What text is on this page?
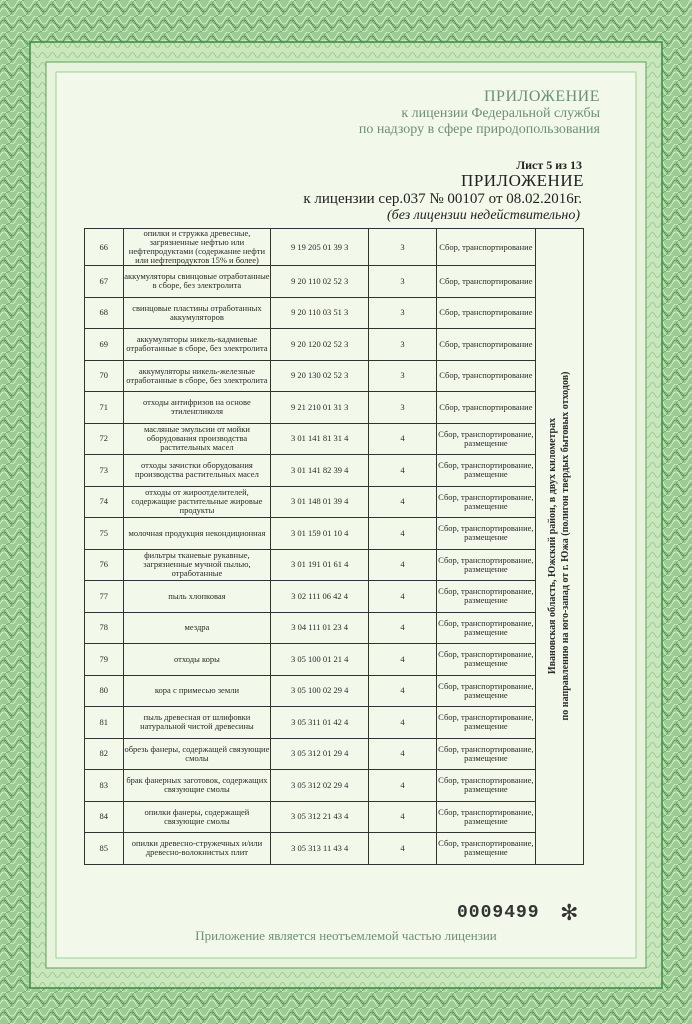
ПРИЛОЖЕНИЕ
к лицензии Федеральной службы
по надзору в сфере природопользования
Лист 5 из 13
ПРИЛОЖЕНИЕ
к лицензии сер.037 № 00107 от 08.02.2016г.
(без лицензии недействительно)
66	опилки и стружка древесные, загрязненные нефтью или нефтепродуктами (содержание нефти или нефтепродуктов 15% и более)	9 19 205 01 39 3	3	Сбор, транспортирование	Ивановская область, Южский район, в двух километрах по направлению на юго-запад от г. Южа (полигон твердых бытовых отходов)

67	аккумуляторы свинцовые отработанные в сборе, без электролита	9 20 110 02 52 3	3	Сбор, транспортирование	
68	свинцовые пластины отработанных аккумуляторов	9 20 110 03 51 3	3	Сбор, транспортирование	
69	аккумуляторы никель-кадмиевые отработанные в сборе, без электролита	9 20 120 02 52 3	3	Сбор, транспортирование	
70	аккумуляторы никель-железные отработанные в сборе, без электролита	9 20 130 02 52 3	3	Сбор, транспортирование	
71	отходы антифризов на основе этиленгликоля	9 21 210 01 31 3	3	Сбор, транспортирование	
72	масляные эмульсии от мойки оборудования производства растительных масел	3 01 141 81 31 4	4	Сбор, транспортирование, размещение	
73	отходы зачистки оборудования производства растительных масел	3 01 141 82 39 4	4	Сбор, транспортирование, размещение	
74	отходы от жироотделителей, содержащие растительные жировые продукты	3 01 148 01 39 4	4	Сбор, транспортирование, размещение	
75	молочная продукция некондиционная	3 01 159 01 10 4	4	Сбор, транспортирование, размещение	
76	фильтры тканевые рукавные, загрязненные мучной пылью, отработанные	3 01 191 01 61 4	4	Сбор, транспортирование, размещение	
77	пыль хлопковая	3 02 111 06 42 4	4	Сбор, транспортирование, размещение	
78	мездра	3 04 111 01 23 4	4	Сбор, транспортирование, размещение	
79	отходы коры	3 05 100 01 21 4	4	Сбор, транспортирование, размещение	
80	кора с примесью земли	3 05 100 02 29 4	4	Сбор, транспортирование, размещение	
81	пыль древесная от шлифовки натуральной чистой древесины	3 05 311 01 42 4	4	Сбор, транспортирование, размещение	
82	обрезь фанеры, содержащей связующие смолы	3 05 312 01 29 4	4	Сбор, транспортирование, размещение	
83	брак фанерных заготовок, содержащих связующие смолы	3 05 312 02 29 4	4	Сбор, транспортирование, размещение	
84	опилки фанеры, содержащей связующие смолы	3 05 312 21 43 4	4	Сбор, транспортирование, размещение	
85	опилки древесно-стружечных и/или древесно-волокнистых плит	3 05 313 11 43 4	4	Сбор, транспортирование, размещение	
0009499 ✻
Приложение является неотъемлемой частью лицензии
